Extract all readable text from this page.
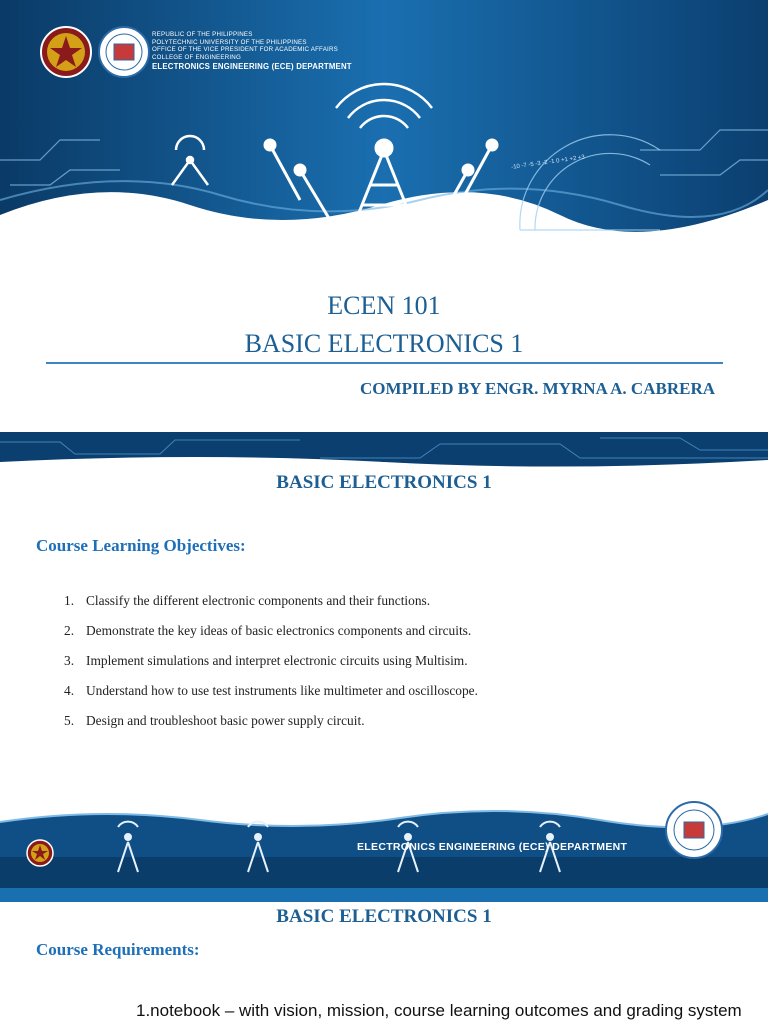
-10 -7 -5 -3 -2 -1 0 +1 +2 +3
REPUBLIC OF THE PHILIPPINES
POLYTECHNIC UNIVERSITY OF THE PHILIPPINES
OFFICE OF THE VICE PRESIDENT FOR ACADEMIC AFFAIRS
COLLEGE OF ENGINEERING
ELECTRONICS ENGINEERING (ECE) DEPARTMENT
ECEN 101
BASIC ELECTRONICS 1
COMPILED BY ENGR. MYRNA A. CABRERA
BASIC ELECTRONICS 1
Course Learning Objectives:
1. Classify the different electronic components and their functions.
2. Demonstrate the key ideas of basic electronics components and circuits.
3. Implement simulations and interpret electronic circuits using Multisim.
4. Understand how to use test instruments like multimeter and oscilloscope.
5. Design and troubleshoot basic power supply circuit.
ELECTRONICS ENGINEERING (ECE) DEPARTMENT
BASIC ELECTRONICS 1
Course Requirements:
1.notebook – with vision, mission, course learning outcomes and grading system
